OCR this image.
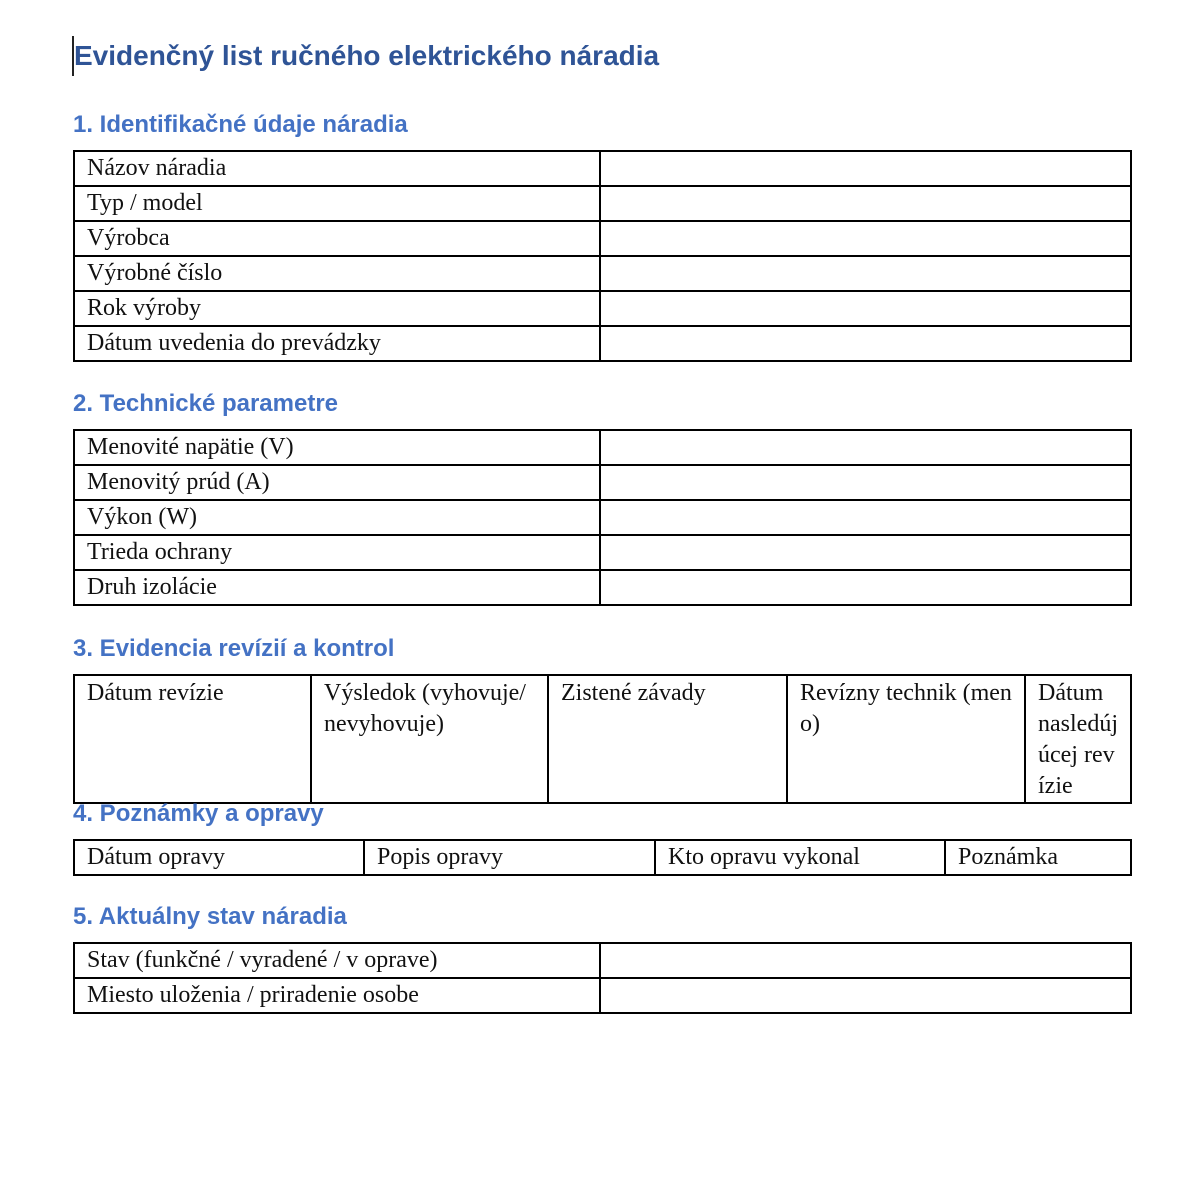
Evidenčný list ručného elektrického náradia
1. Identifikačné údaje náradia
Názov náradia	
Typ / model	
Výrobca	
Výrobné číslo	
Rok výroby	
Dátum uvedenia do prevádzky	
2. Technické parametre
Menovité napätie (V)	
Menovitý prúd (A)	
Výkon (W)	
Trieda ochrany	
Druh izolácie	
3. Evidencia revízií a kontrol
Dátum revízie	Výsledok (vyhovuje/nevyhovuje)	Zistené závady	Revízny technik (meno)	Dátum nasledújúcej revízie
4. Poznámky a opravy
Dátum opravy	Popis opravy	Kto opravu vykonal	Poznámka
5. Aktuálny stav náradia
Stav (funkčné / vyradené / v oprave)	
Miesto uloženia / priradenie osobe	
